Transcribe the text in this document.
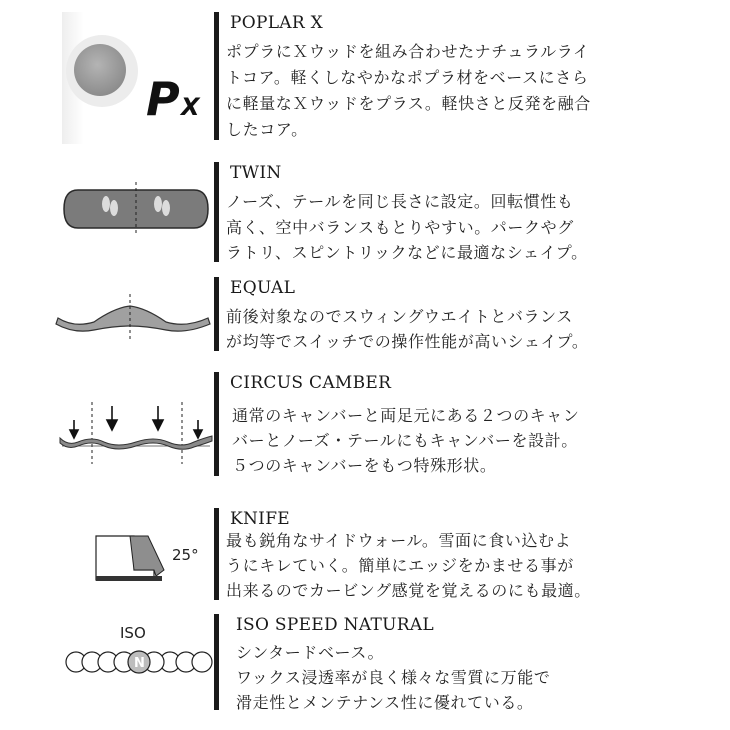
P X
25°
ISO
N
POPLAR X
ポプラにＸウッドを組み合わせたナチュラルライ
トコア。軽くしなやかなポプラ材をベースにさら
に軽量なＸウッドをプラス。軽快さと反発を融合
したコア。
TWIN
ノーズ、テールを同じ長さに設定。回転慣性も
高く、空中バランスもとりやすい。パークやグ
ラトリ、スピントリックなどに最適なシェイプ。
EQUAL
前後対象なのでスウィングウエイトとバランス
が均等でスイッチでの操作性能が高いシェイプ。
CIRCUS CAMBER
通常のキャンバーと両足元にある２つのキャン
バーとノーズ・テールにもキャンバーを設計。
５つのキャンバーをもつ特殊形状。
KNIFE
最も鋭角なサイドウォール。雪面に食い込むよ
うにキレていく。簡単にエッジをかませる事が
出来るのでカービング感覚を覚えるのにも最適。
ISO SPEED NATURAL
シンタードベース。
ワックス浸透率が良く様々な雪質に万能で
滑走性とメンテナンス性に優れている。
